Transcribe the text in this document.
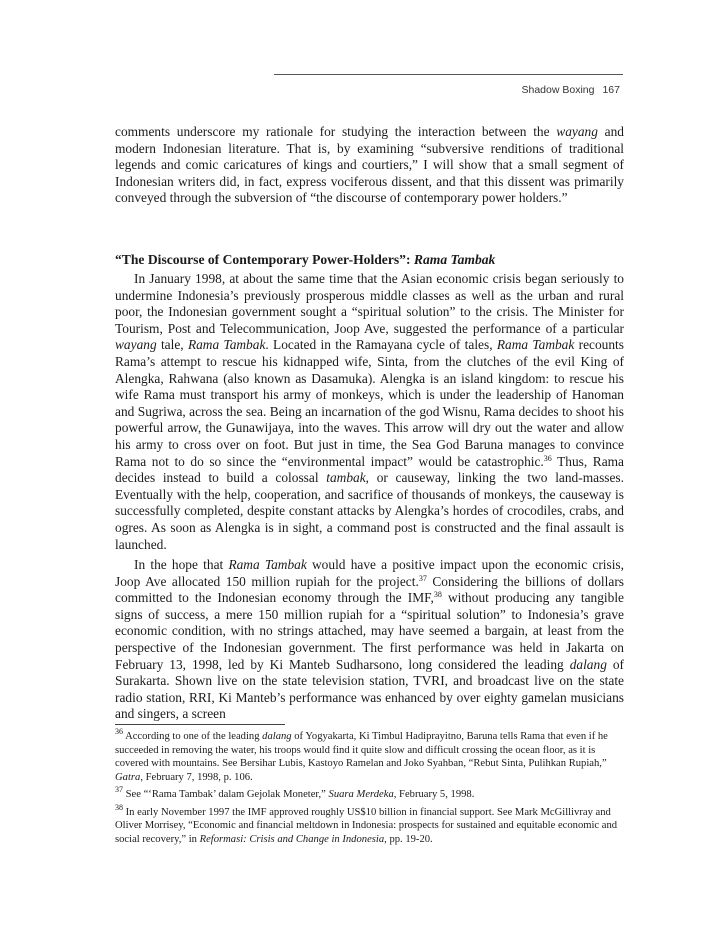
Shadow Boxing 167

comments underscore my rationale for studying the interaction between the wayang and modern Indonesian literature. That is, by examining “subversive renditions of traditional legends and comic caricatures of kings and courtiers,” I will show that a small segment of Indonesian writers did, in fact, express vociferous dissent, and that this dissent was primarily conveyed through the subversion of “the discourse of contemporary power holders.”

“The Discourse of Contemporary Power-Holders”: Rama Tambak

In January 1998, at about the same time that the Asian economic crisis began seriously to undermine Indonesia’s previously prosperous middle classes as well as the urban and rural poor, the Indonesian government sought a “spiritual solution” to the crisis. The Minister for Tourism, Post and Telecommunication, Joop Ave, suggested the performance of a particular wayang tale, Rama Tambak. Located in the Ramayana cycle of tales, Rama Tambak recounts Rama’s attempt to rescue his kidnapped wife, Sinta, from the clutches of the evil King of Alengka, Rahwana (also known as Dasamuka). Alengka is an island kingdom: to rescue his wife Rama must transport his army of monkeys, which is under the leadership of Hanoman and Sugriwa, across the sea. Being an incarnation of the god Wisnu, Rama decides to shoot his powerful arrow, the Gunawijaya, into the waves. This arrow will dry out the water and allow his army to cross over on foot. But just in time, the Sea God Baruna manages to convince Rama not to do so since the “environmental impact” would be catastrophic.$^{36}$ Thus, Rama decides instead to build a colossal tambak, or causeway, linking the two land-masses. Eventually with the help, cooperation, and sacrifice of thousands of monkeys, the causeway is successfully completed, despite constant attacks by Alengka’s hordes of crocodiles, crabs, and ogres. As soon as Alengka is in sight, a command post is constructed and the final assault is launched.

In the hope that Rama Tambak would have a positive impact upon the economic crisis, Joop Ave allocated 150 million rupiah for the project.$^{37}$ Considering the billions of dollars committed to the Indonesian economy through the IMF,$^{38}$ without producing any tangible signs of success, a mere 150 million rupiah for a “spiritual solution” to Indonesia’s grave economic condition, with no strings attached, may have seemed a bargain, at least from the perspective of the Indonesian government. The first performance was held in Jakarta on February 13, 1998, led by Ki Manteb Sudharsono, long considered the leading dalang of Surakarta. Shown live on the state television station, TVRI, and broadcast live on the state radio station, RRI, Ki Manteb’s performance was enhanced by over eighty gamelan musicians and singers, a screen

$^{36}$ According to one of the leading dalang of Yogyakarta, Ki Timbul Hadiprayitno, Baruna tells Rama that even if he succeeded in removing the water, his troops would find it quite slow and difficult crossing the ocean floor, as it is covered with mountains. See Bersihar Lubis, Kastoyo Ramelan and Joko Syahban, “Rebut Sinta, Pulihkan Rupiah,” Gatra, February 7, 1998, p. 106.

$^{37}$ See “‘Rama Tambak’ dalam Gejolak Moneter,” Suara Merdeka, February 5, 1998.

$^{38}$ In early November 1997 the IMF approved roughly US$10 billion in financial support. See Mark McGillivray and Oliver Morrisey, “Economic and financial meltdown in Indonesia: prospects for sustained and equitable economic and social recovery,” in Reformasi: Crisis and Change in Indonesia, pp. 19-20.
